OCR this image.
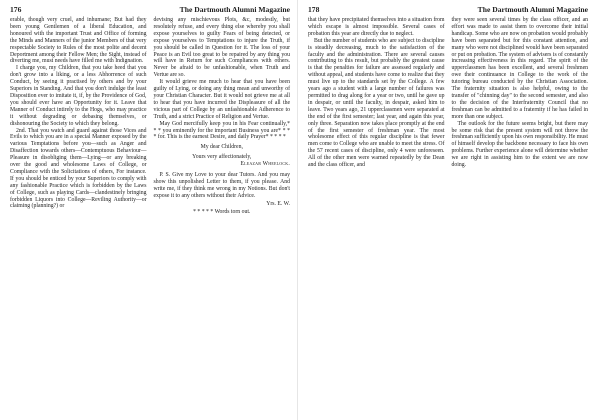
176	The Dartmouth Alumni Magazine

erable, though very cruel, and inhumane; But had they been young Gentlemen of a liberal Education, and honoured with the important Trust and Office of forming the Minds and Manners of the junior Members of that very respectable Society to Rules of the most polite and decent Deportment among their Fellow Men; the Sight, instead of diverting me, must needs have filled me with Indignation.

I charge you, my Children, that you take heed that you don't grow into a liking, or a less Abhorrence of such Conduct, by seeing it practised by others and by your Superiors in Standing. And that you don't indulge the least Disposition ever to imitate it, if, by the Providence of God, you should ever have an Opportunity for it. Leave that Manner of Conduct intirely to the Hogs, who may practice it without degrading or debasing themselves, or dishonouring the Society to which they belong.

2nd. That you watch and guard against those Vices and Evils to which you are in a special Manner exposed by the various Temptations before you—such as Anger and Disaffection towards others—Contemptuous Behaviour—Pleasure in disobliging them—Lying—or any breaking over the good and wholesome Laws of College, or Compliance with the Solicitations of others, For instance. If you should be enticed by your Superiors to comply with any fashionable Practice which is forbidden by the Laws of College, such as playing Cards—clandestinely bringing forbidden Liquors into College—Reviling Authority—or claiming (planning?) or

devising any mischievous Plots, &c, modestly, but resolutely refuse, and every thing else whereby you shall expose yourselves to guilty Fears of being detected, or expose yourselves to Temptations to injure the Truth, if you should be called in Question for it. The loss of your Peace is an Evil too great to be repaired by any thing you will have in Return for such Compliances with others. Never be afraid to be unfashionable, when Truth and Vertue are so.

It would grieve me much to hear that you have been guilty of Lying, or doing any thing mean and unworthy of your Christian Character. But it would not grieve me at all to hear that you have incurred the Displeasure of all the vicious part of College by an unfashionable Adherence to Truth, and a strict Practice of Religion and Vertue.

May God mercifully keep you in his Fear continually,* * * you eminently for the important Business you are* * * * for. This is the earnest Desire, and daily Prayer* * * * *

My dear Children,

Yours very affectionately,

Eleazar Wheelock.

P. S. Give my Love to your dear Tutors. And you may show this unpolished Letter to them, if you please. And write me, if they think me wrong in my Notions. But don't expose it to any others without their Advice.

Yrs. E. W.

* * * * * Words torn out.

178	The Dartmouth Alumni Magazine

that they have precipitated themselves into a situation from which escape is almost impossible. Several cases of probation this year are directly due to neglect.

But the number of students who are subject to discipline is steadily decreasing, much to the satisfaction of the faculty and the administration. There are several causes contributing to this result, but probably the greatest cause is that the penalties for failure are assessed regularly and without appeal, and students have come to realize that they must live up to the standards set by the College. A few years ago a student with a large number of failures was permitted to drag along for a year or two, until he gave up in despair, or until the faculty, in despair, asked him to leave. Two years ago, 21 upperclassmen were separated at the end of the first semester; last year, and again this year, only three. Separation now takes place promptly at the end of the first semester of freshman year. The most wholesome effect of this regular discipline is that fewer men come to College who are unable to meet the stress. Of the 57 recent cases of discipline, only 4 were unforeseen. All of the other men were warned repeatedly by the Dean and the class officer, and

they were seen several times by the class officer, and an effort was made to assist them to overcome their initial handicap. Some who are now on probation would probably have been separated but for this constant attention, and many who were not disciplined would have been separated or put on probation. The system of advisers is of constantly increasing effectiveness in this regard. The spirit of the upperclassmen has been excellent, and several freshmen owe their continuance in College to the work of the tutoring bureau conducted by the Christian Association. The fraternity situation is also helpful, owing to the transfer of "chinning day" to the second semester, and also to the decision of the Interfraternity Council that no freshman can be admitted to a fraternity if he has failed in more than one subject.

The outlook for the future seems bright, but there may be some risk that the present system will not throw the freshman sufficiently upon his own responsibility. He must of himself develop the backbone necessary to face his own problems. Further experience alone will determine whether we are right in assisting him to the extent we are now doing.
